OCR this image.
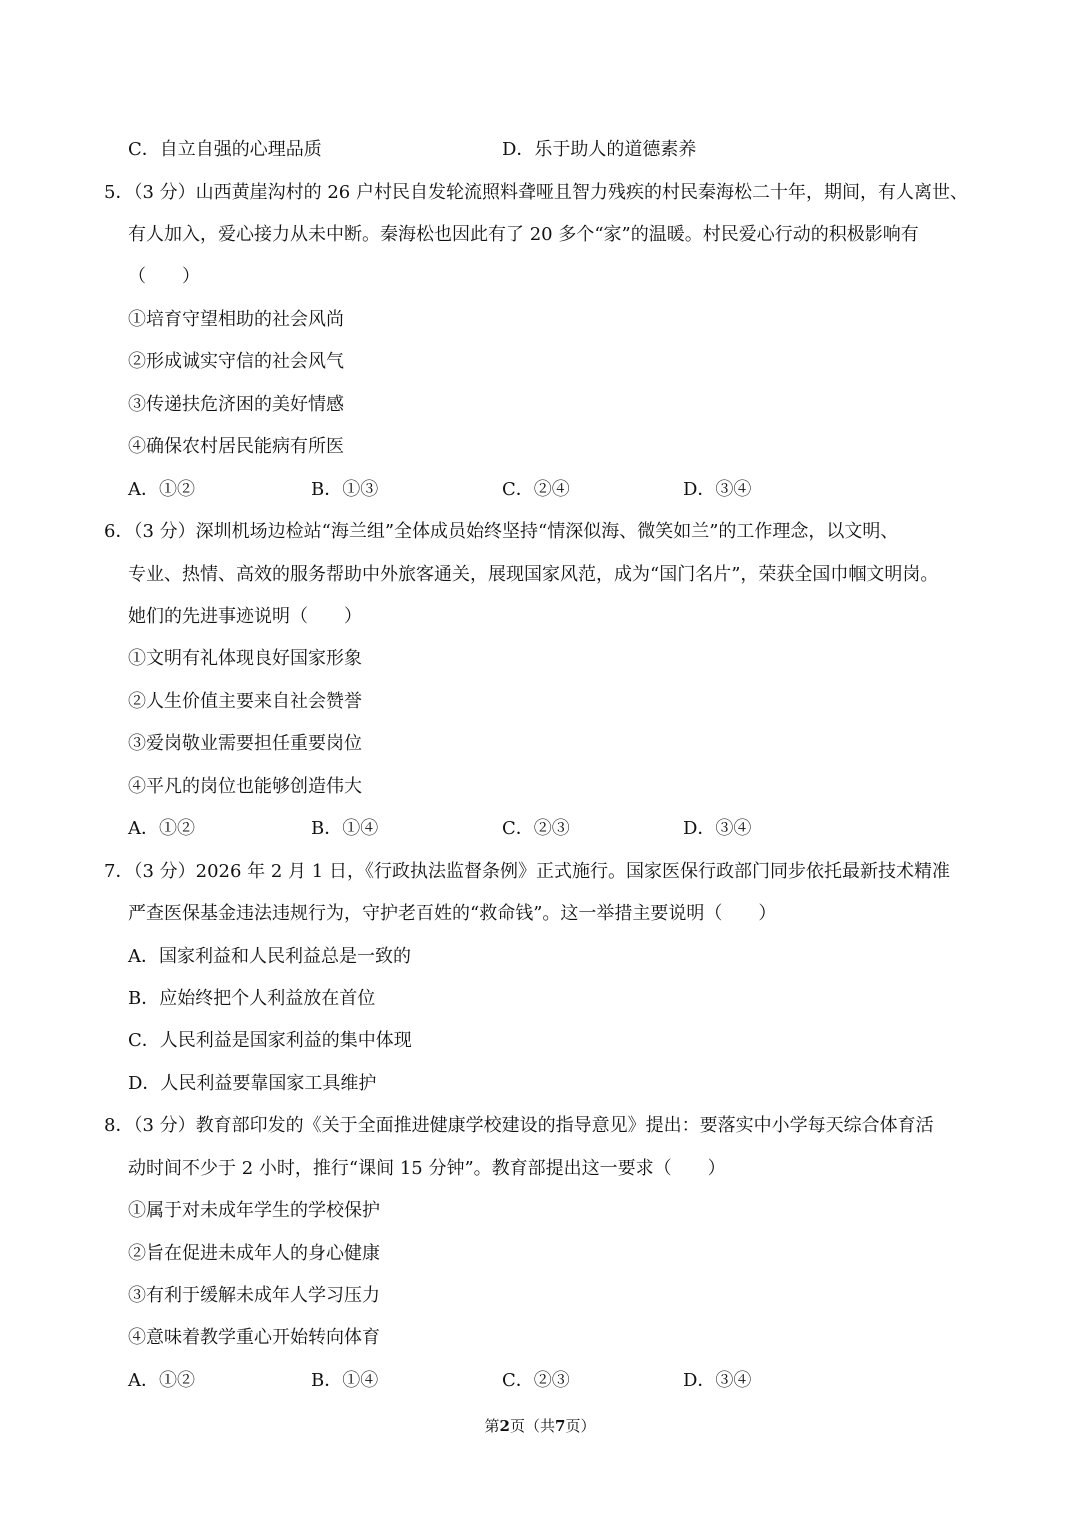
C．自立自强的心理品质	D．乐于助人的道德素养
5．（3 分）山西黄崖沟村的 26 户村民自发轮流照料聋哑且智力残疾的村民秦海松二十年，期间，有人离世、
有人加入，爱心接力从未中断。秦海松也因此有了 20 多个“家”的温暖。村民爱心行动的积极影响有
（　　）
①培育守望相助的社会风尚
②形成诚实守信的社会风气
③传递扶危济困的美好情感
④确保农村居民能病有所医
A．①②	B．①③	C．②④	D．③④
6．（3 分）深圳机场边检站“海兰组”全体成员始终坚持“情深似海、微笑如兰”的工作理念，以文明、
专业、热情、高效的服务帮助中外旅客通关，展现国家风范，成为“国门名片”，荣获全国巾帼文明岗。
她们的先进事迹说明（　　）
①文明有礼体现良好国家形象
②人生价值主要来自社会赞誉
③爱岗敬业需要担任重要岗位
④平凡的岗位也能够创造伟大
A．①②	B．①④	C．②③	D．③④
7．（3 分）2026 年 2 月 1 日，《行政执法监督条例》正式施行。国家医保行政部门同步依托最新技术精准
严查医保基金违法违规行为，守护老百姓的“救命钱”。这一举措主要说明（　　）
A．国家利益和人民利益总是一致的
B．应始终把个人利益放在首位
C．人民利益是国家利益的集中体现
D．人民利益要靠国家工具维护
8．（3 分）教育部印发的《关于全面推进健康学校建设的指导意见》提出：要落实中小学每天综合体育活
动时间不少于 2 小时，推行“课间 15 分钟”。教育部提出这一要求（　　）
①属于对未成年学生的学校保护
②旨在促进未成年人的身心健康
③有利于缓解未成年人学习压力
④意味着教学重心开始转向体育
A．①②	B．①④	C．②③	D．③④
第2页（共7页）
